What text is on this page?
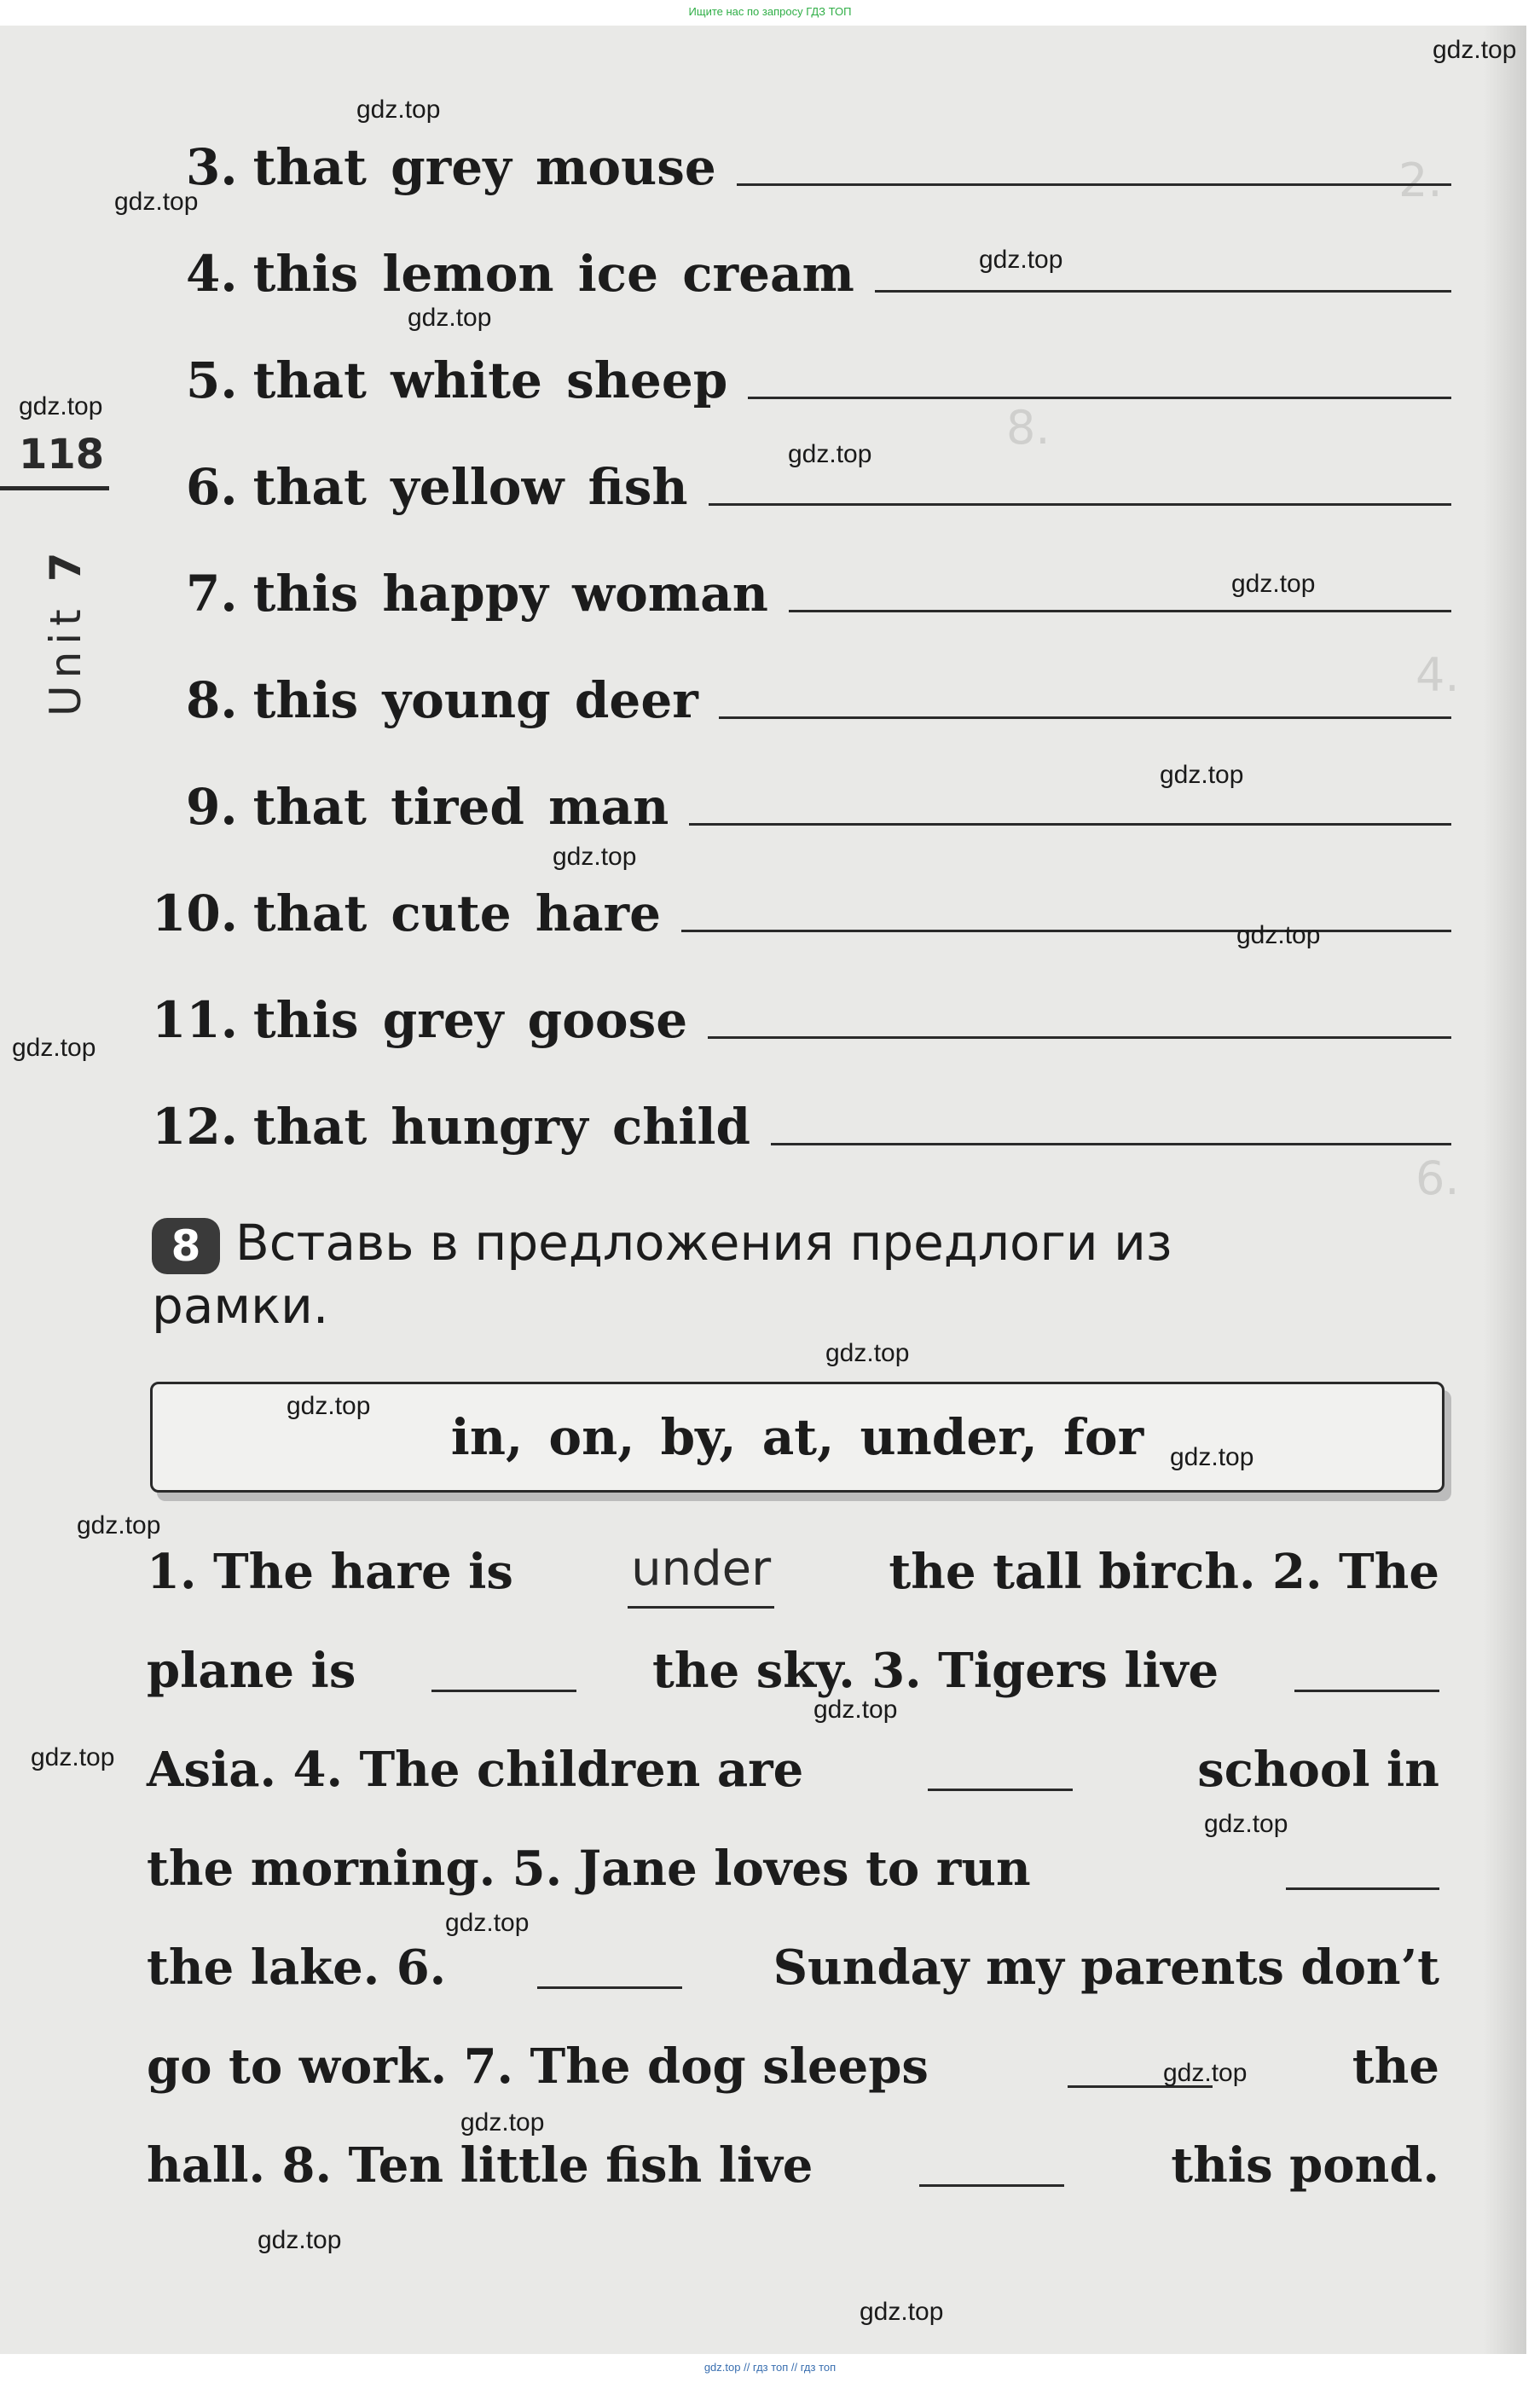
Ищите нас по запросу ГДЗ ТОП
2.
8.
4.
6.
118
Unit 7
3. that grey mouse
4. this lemon ice cream
5. that white sheep
6. that yellow fish
7. this happy woman
8. this young deer
9. that tired man
10. that cute hare
11. this grey goose
12. that hungry child
Вставь в предложения предлоги из
рамки.
8
in, on, by, at, under, for
1. The hare is under the tall birch. 2. The
plane is	the sky. 3. Tigers live
Asia. 4. The children are	school in
the morning. 5. Jane loves to run
the lake. 6.	Sunday my parents don’t
go to work. 7. The dog sleeps	the
hall. 8. Ten little fish live	this pond.
gdz.top
gdz.top
gdz.top
gdz.top
gdz.top
gdz.top
gdz.top
gdz.top
gdz.top
gdz.top
gdz.top
gdz.top
gdz.top
gdz.top
gdz.top
gdz.top
gdz.top
gdz.top
gdz.top
gdz.top
gdz.top
gdz.top
gdz.top
gdz.top
gdz.top // гдз топ // гдз топ
